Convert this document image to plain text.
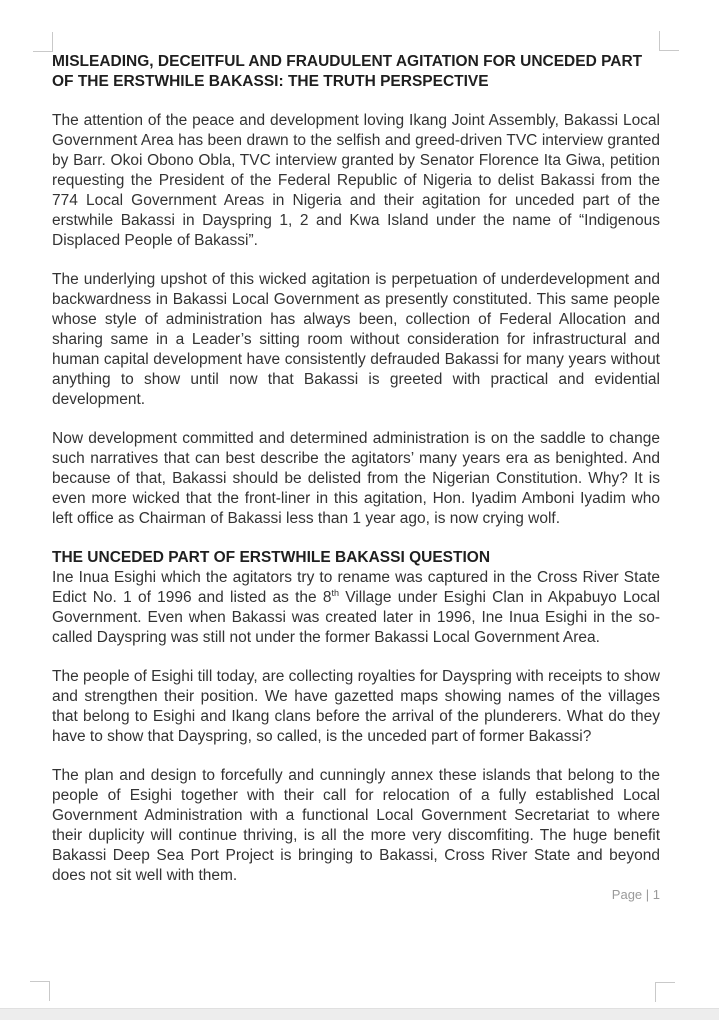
MISLEADING, DECEITFUL AND FRAUDULENT AGITATION FOR UNCEDED PART OF THE ERSTWHILE BAKASSI: THE TRUTH PERSPECTIVE

The attention of the peace and development loving Ikang Joint Assembly, Bakassi Local Government Area has been drawn to the selfish and greed-driven TVC interview granted by Barr. Okoi Obono Obla, TVC interview granted by Senator Florence Ita Giwa, petition requesting the President of the Federal Republic of Nigeria to delist Bakassi from the 774 Local Government Areas in Nigeria and their agitation for unceded part of the erstwhile Bakassi in Dayspring 1, 2 and Kwa Island under the name of “Indigenous Displaced People of Bakassi”.

The underlying upshot of this wicked agitation is perpetuation of underdevelopment and backwardness in Bakassi Local Government as presently constituted. This same people whose style of administration has always been, collection of Federal Allocation and sharing same in a Leader’s sitting room without consideration for infrastructural and human capital development have consistently defrauded Bakassi for many years without anything to show until now that Bakassi is greeted with practical and evidential development.

Now development committed and determined administration is on the saddle to change such narratives that can best describe the agitators’ many years era as benighted. And because of that, Bakassi should be delisted from the Nigerian Constitution. Why? It is even more wicked that the front-liner in this agitation, Hon. Iyadim Amboni Iyadim who left office as Chairman of Bakassi less than 1 year ago, is now crying wolf.

THE UNCEDED PART OF ERSTWHILE BAKASSI QUESTION

Ine Inua Esighi which the agitators try to rename was captured in the Cross River State Edict No. 1 of 1996 and listed as the 8th Village under Esighi Clan in Akpabuyo Local Government. Even when Bakassi was created later in 1996, Ine Inua Esighi in the so-called Dayspring was still not under the former Bakassi Local Government Area.

The people of Esighi till today, are collecting royalties for Dayspring with receipts to show and strengthen their position. We have gazetted maps showing names of the villages that belong to Esighi and Ikang clans before the arrival of the plunderers. What do they have to show that Dayspring, so called, is the unceded part of former Bakassi?

The plan and design to forcefully and cunningly annex these islands that belong to the people of Esighi together with their call for relocation of a fully established Local Government Administration with a functional Local Government Secretariat to where their duplicity will continue thriving, is all the more very discomfiting. The huge benefit Bakassi Deep Sea Port Project is bringing to Bakassi, Cross River State and beyond does not sit well with them.

Page | 1
